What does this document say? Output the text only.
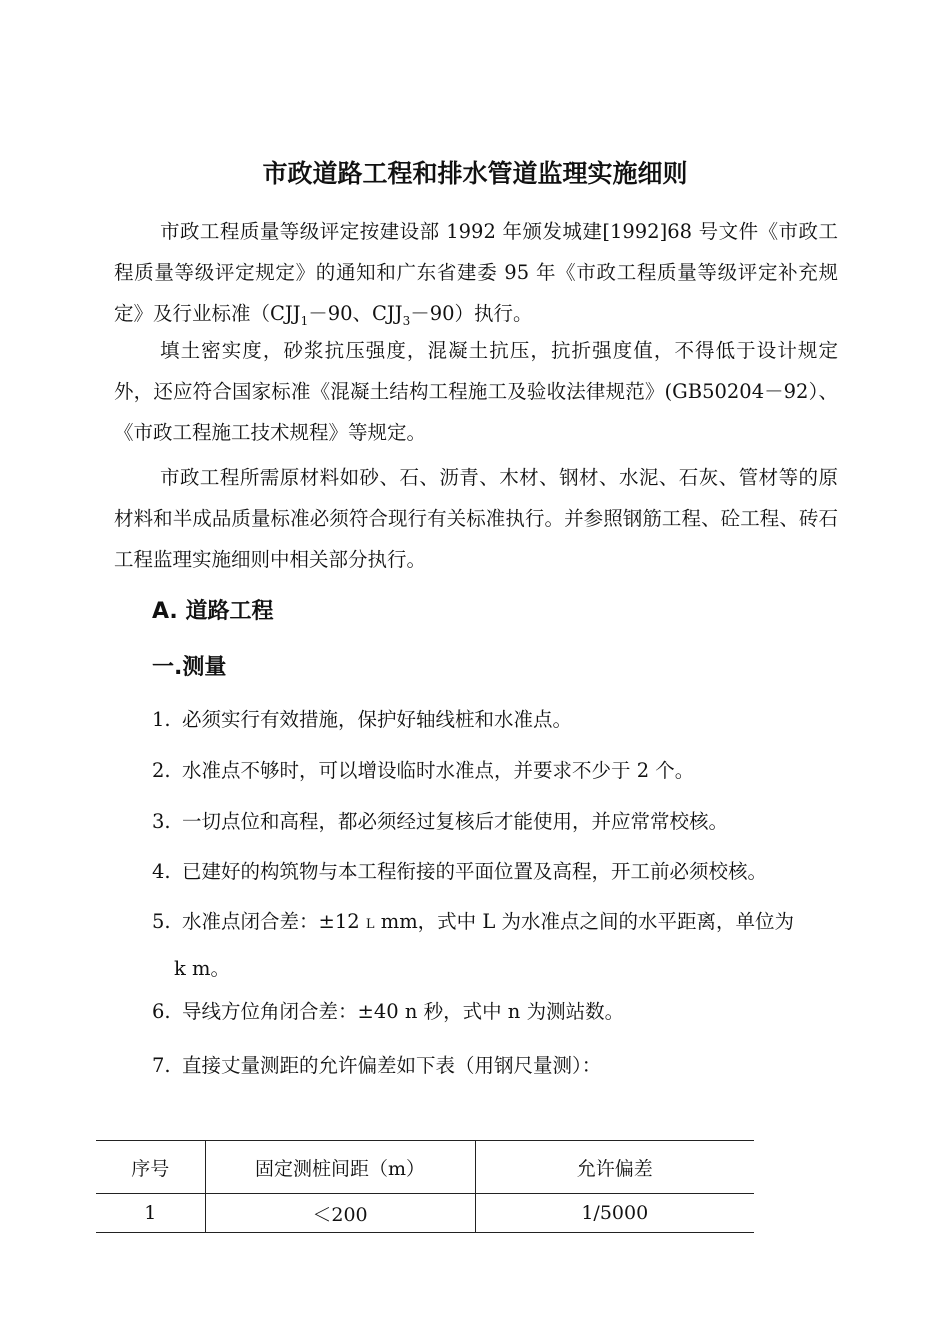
市政道路工程和排水管道监理实施细则

市政工程质量等级评定按建设部 1992 年颁发城建[1992]68 号文件《市政工程质量等级评定规定》的通知和广东省建委 95 年《市政工程质量等级评定补充规定》及行业标准（$CJJ_1-90$、$CJJ_3-90$）执行。

填土密实度，砂浆抗压强度，混凝土抗压，抗折强度值，不得低于设计规定外，还应符合国家标准《混凝土结构工程施工及验收法律规范》(GB50204－92）、《市政工程施工技术规程》等规定。

市政工程所需原材料如砂、石、沥青、木材、钢材、水泥、石灰、管材等的原材料和半成品质量标准必须符合现行有关标准执行。并参照钢筋工程、砼工程、砖石工程监理实施细则中相关部分执行。

A. 道路工程
一.测量
1. 必须实行有效措施，保护好轴线桩和水准点。
2. 水准点不够时，可以增设临时水准点，并要求不少于 2 个。
3. 一切点位和高程，都必须经过复核后才能使用，并应常常校核。
4. 已建好的构筑物与本工程衔接的平面位置及高程，开工前必须校核。
5. 水准点闭合差：±12 L mm，式中 L 为水准点之间的水平距离，单位为
k m。
6. 导线方位角闭合差：±40 n 秒，式中 n 为测站数。
7. 直接丈量测距的允许偏差如下表（用钢尺量测）：
序号	固定测桩间距（m）	允许偏差
1	＜200	1/5000
